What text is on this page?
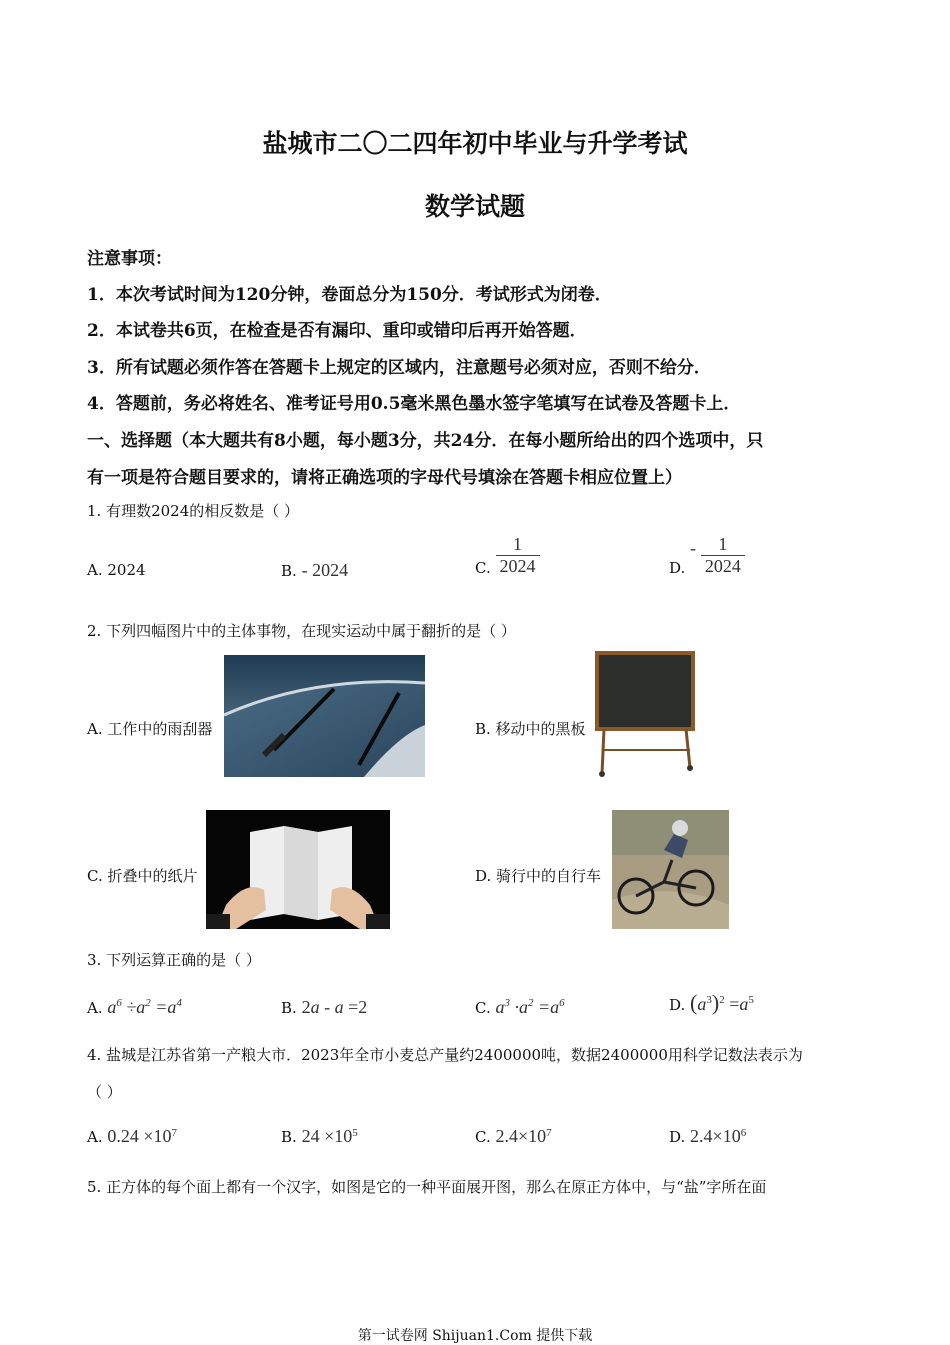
盐城市二〇二四年初中毕业与升学考试
数学试题
注意事项：
1．本次考试时间为120分钟，卷面总分为150分．考试形式为闭卷．
2．本试卷共6页，在检查是否有漏印、重印或错印后再开始答题．
3．所有试题必须作答在答题卡上规定的区域内，注意题号必须对应，否则不给分．
4．答题前，务必将姓名、准考证号用0.5毫米黑色墨水签字笔填写在试卷及答题卡上．
一、选择题（本大题共有8小题，每小题3分，共24分．在每小题所给出的四个选项中，只
有一项是符合题目要求的，请将正确选项的字母代号填涂在答题卡相应位置上）
1. 有理数2024的相反数是（ ）
A. 2024	B. - 2024	C. $\frac{1}{2024}$	D. - $\frac{1}{2024}$
2. 下列四幅图片中的主体事物，在现实运动中属于翻折的是（ ）
A. 工作中的雨刮器	B. 移动中的黑板
C. 折叠中的纸片	D. 骑行中的自行车
3. 下列运算正确的是（ ）
A. $a^6 \div a^2 =a^4$	B. 2a - a =2	C. $a^3 \cdot a^2 =a^6$	D. $(a^3)^2 =a^5$
4. 盐城是江苏省第一产粮大市．2023年全市小麦总产量约2400000吨，数据2400000用科学记数法表示为
（ ）
A. $0.24 \times 10^7$	B. $24 \times 10^5$	C. $2.4\times 10^7$	D. $2.4\times 10^6$
5. 正方体的每个面上都有一个汉字，如图是它的一种平面展开图，那么在原正方体中，与“盐”字所在面
第一试卷网 Shijuan1.Com 提供下载
